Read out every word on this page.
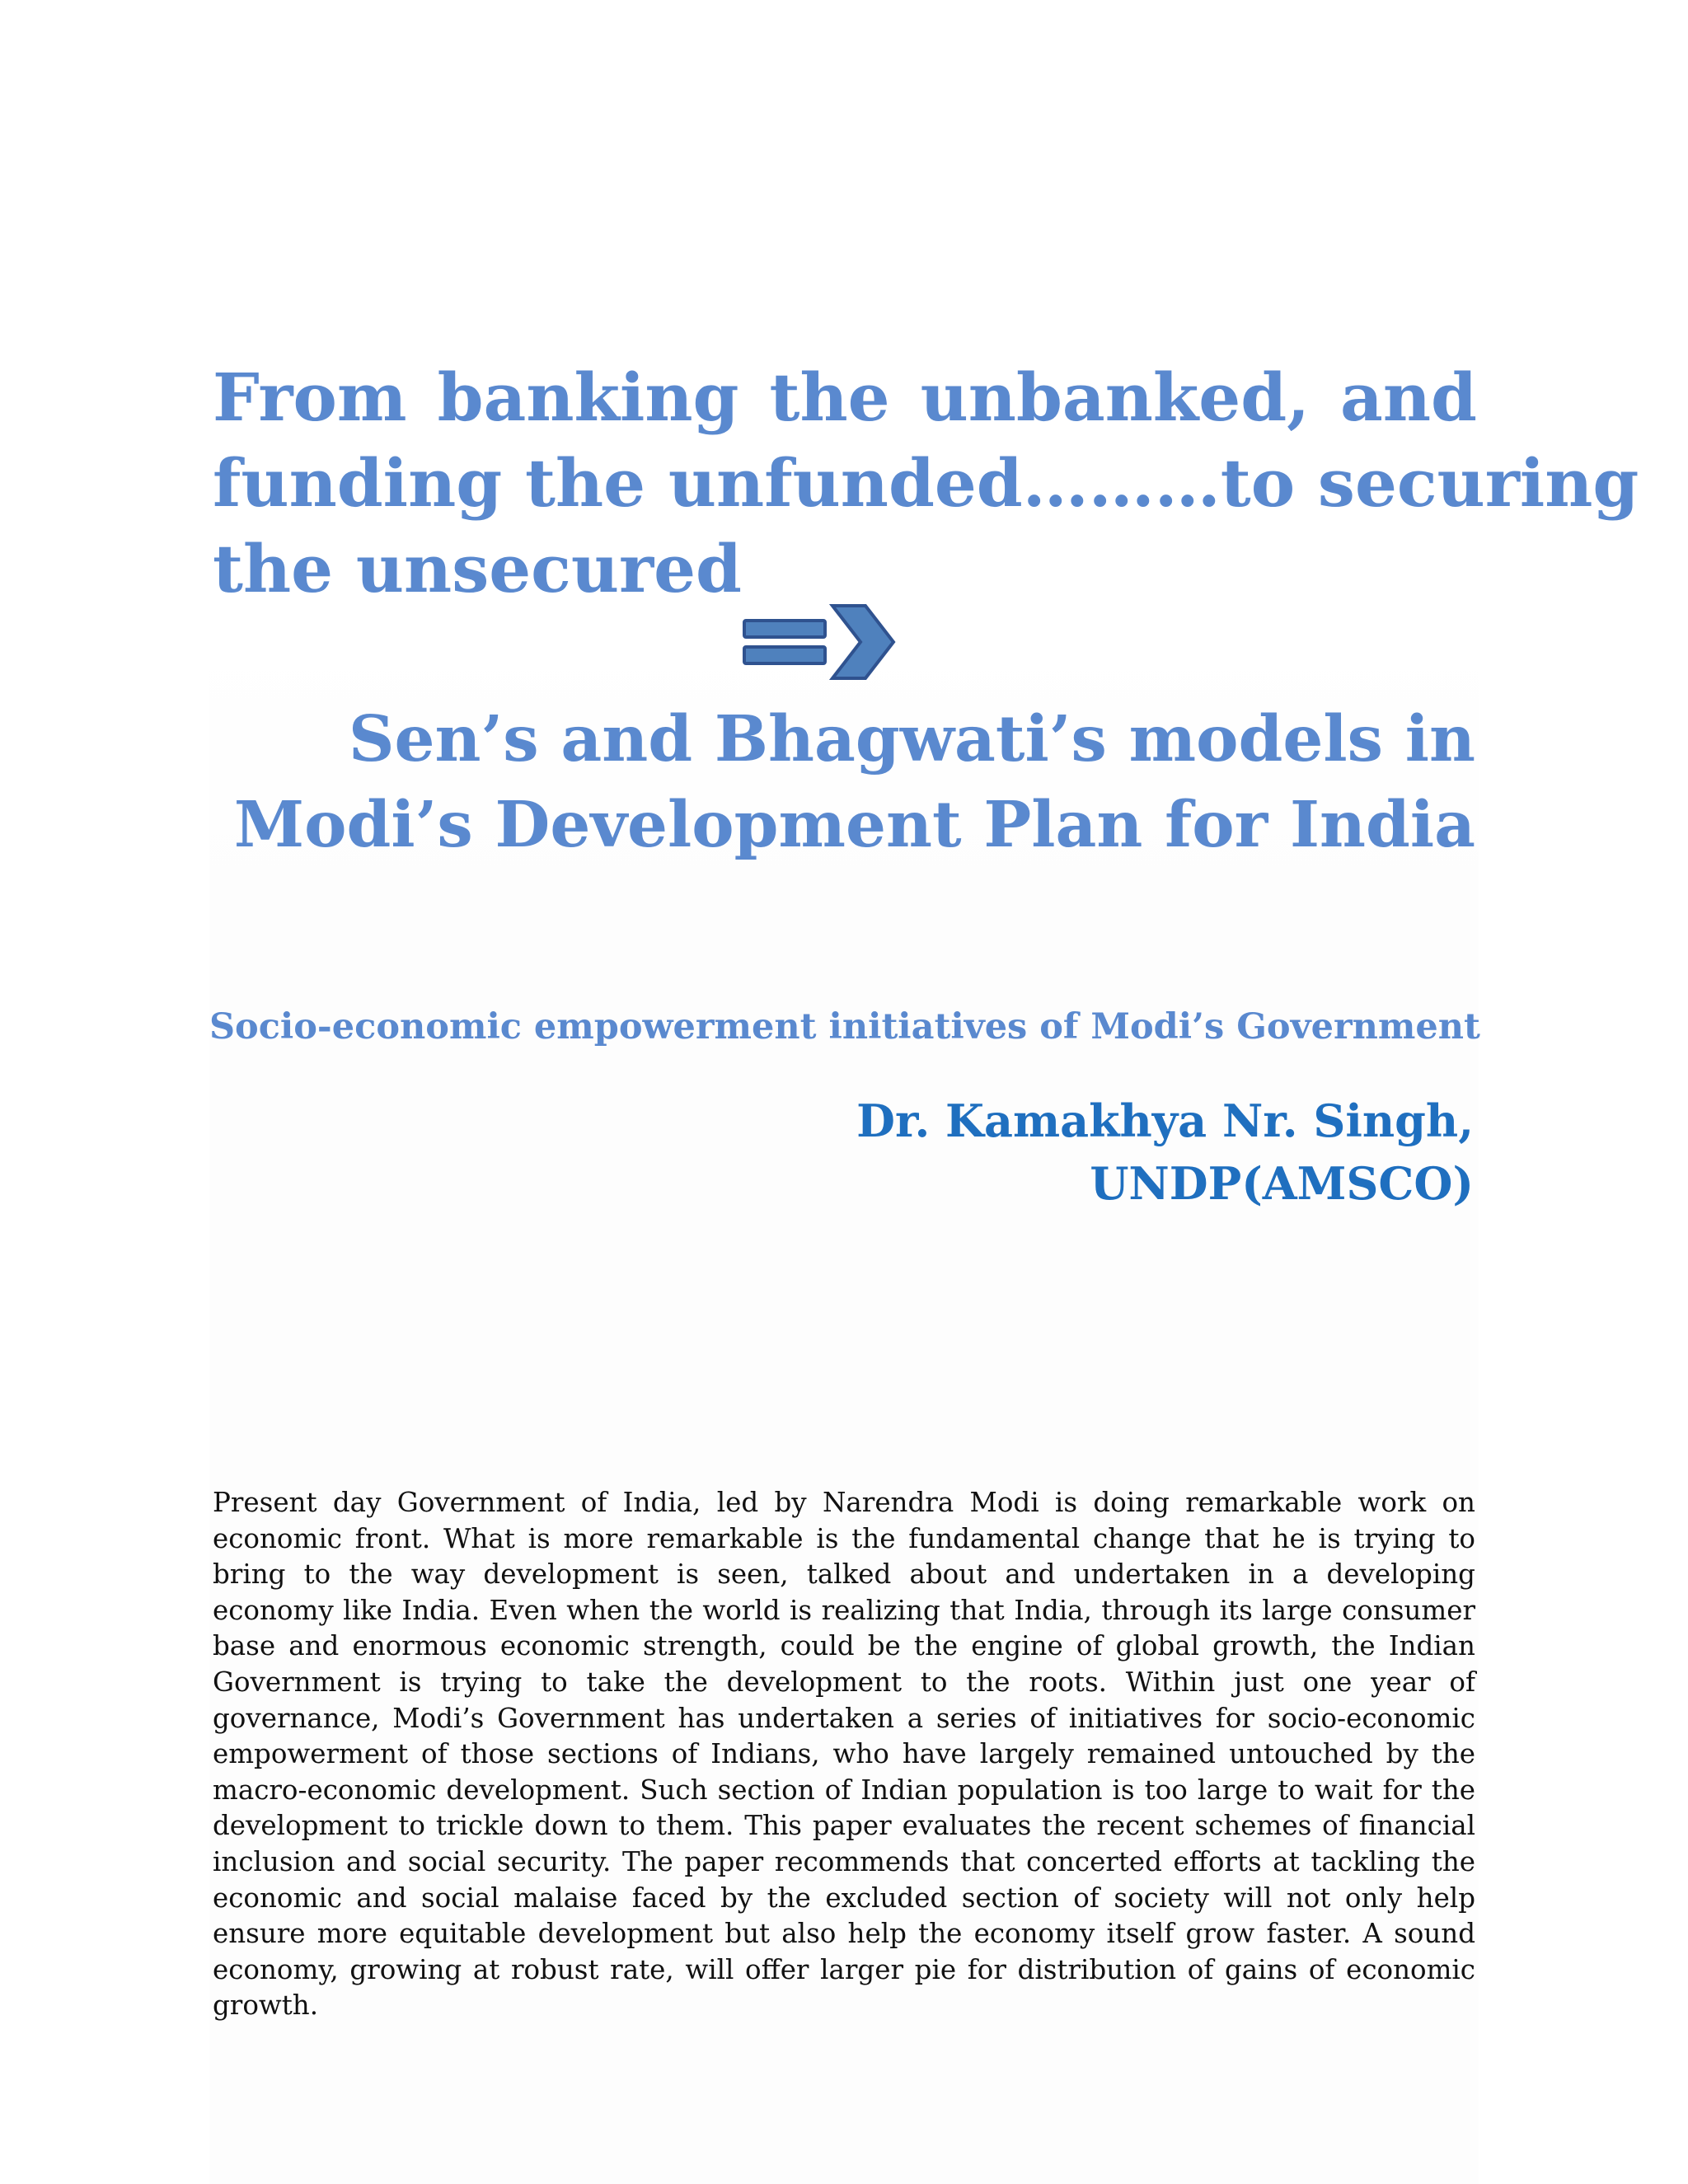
From banking the unbanked, and
funding the unfunded………to securing
the unsecured
Sen’s and Bhagwati’s models in
Modi’s Development Plan for India
Socio-economic empowerment initiatives of Modi’s Government
Dr. Kamakhya Nr. Singh,
UNDP(AMSCO)

Present day Government of India, led by Narendra Modi is doing remarkable work on economic front. What is more remarkable is the fundamental change that he is trying to bring to the way development is seen, talked about and undertaken in a developing economy like India. Even when the world is realizing that India, through its large consumer base and enormous economic strength, could be the engine of global growth, the Indian Government is trying to take the development to the roots. Within just one year of governance, Modi’s Government has undertaken a series of initiatives for socio-economic empowerment of those sections of Indians, who have largely remained untouched by the macro-economic development. Such section of Indian population is too large to wait for the development to trickle down to them. This paper evaluates the recent schemes of financial inclusion and social security. The paper recommends that concerted efforts at tackling the economic and social malaise faced by the excluded section of society will not only help ensure more equitable development but also help the economy itself grow faster. A sound economy, growing at robust rate, will offer larger pie for distribution of gains of economic growth.
